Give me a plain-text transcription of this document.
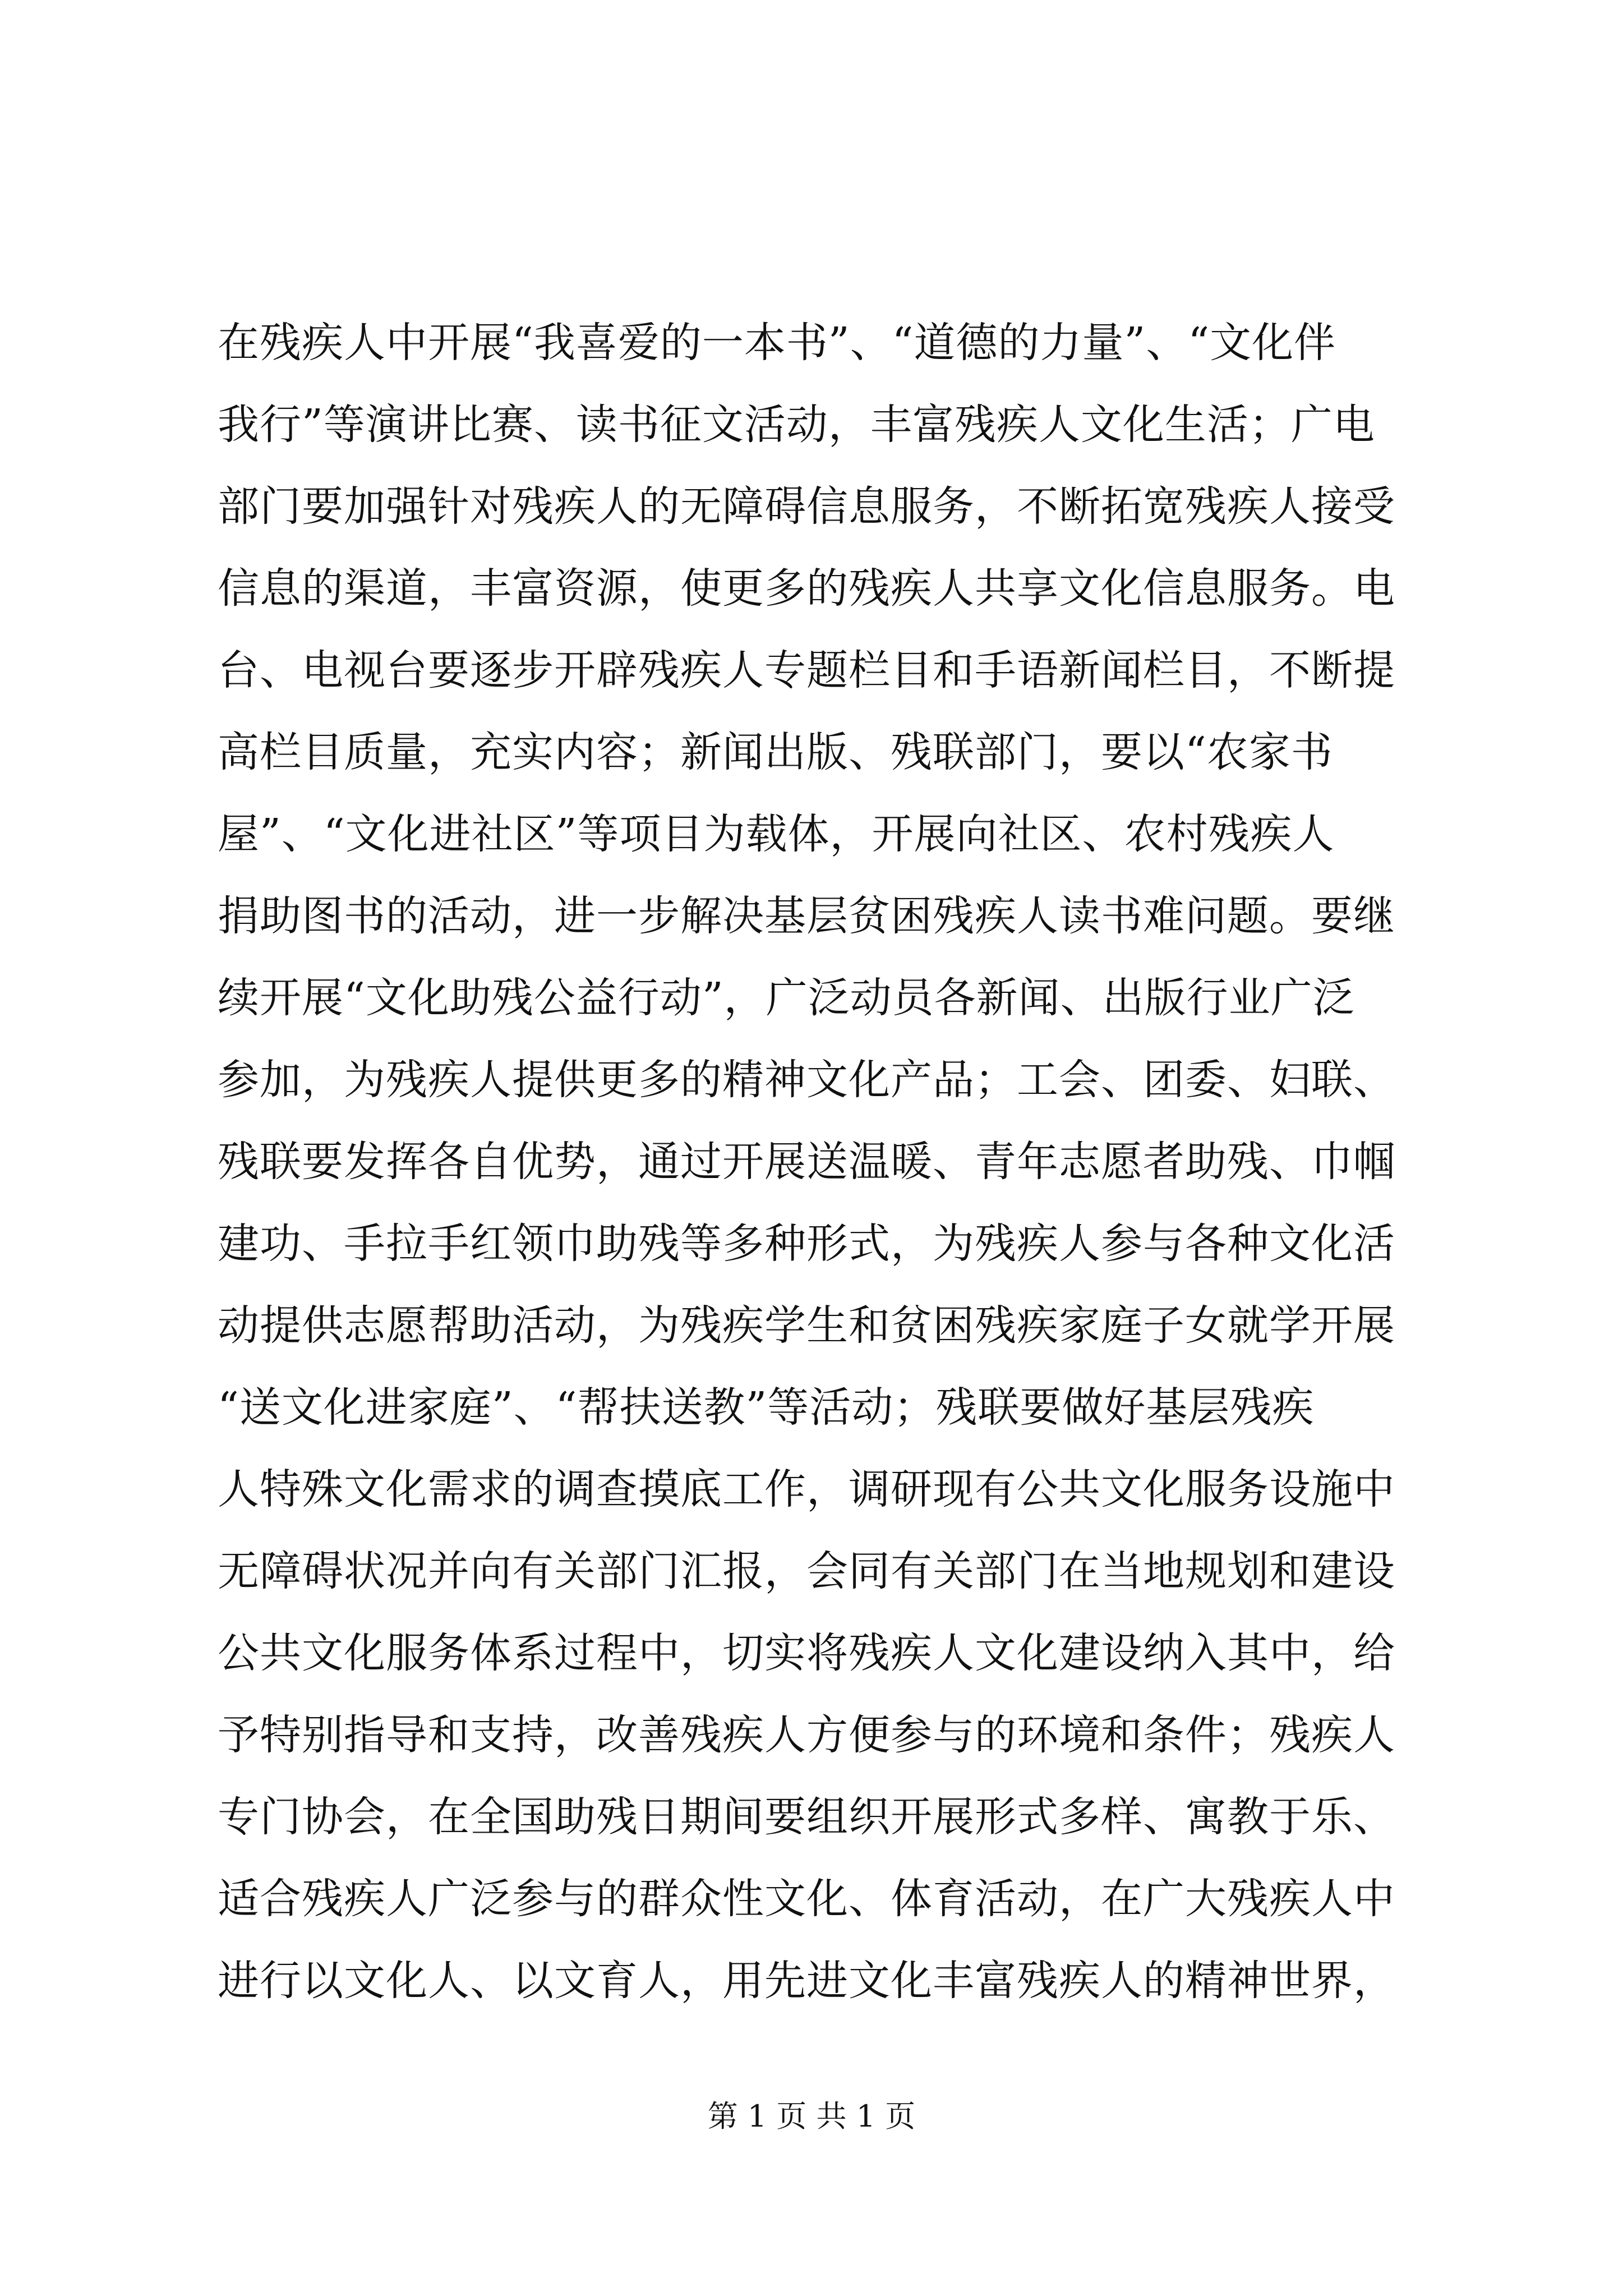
在残疾人中开展“我喜爱的一本书”、“道德的力量”、“文化伴
我行”等演讲比赛、读书征文活动，丰富残疾人文化生活；广电
部门要加强针对残疾人的无障碍信息服务，不断拓宽残疾人接受
信息的渠道，丰富资源，使更多的残疾人共享文化信息服务。电
台、电视台要逐步开辟残疾人专题栏目和手语新闻栏目，不断提
高栏目质量，充实内容；新闻出版、残联部门，要以“农家书
屋”、“文化进社区”等项目为载体，开展向社区、农村残疾人
捐助图书的活动，进一步解决基层贫困残疾人读书难问题。要继
续开展“文化助残公益行动”，广泛动员各新闻、出版行业广泛
参加，为残疾人提供更多的精神文化产品；工会、团委、妇联、
残联要发挥各自优势，通过开展送温暖、青年志愿者助残、巾帼
建功、手拉手红领巾助残等多种形式，为残疾人参与各种文化活
动提供志愿帮助活动，为残疾学生和贫困残疾家庭子女就学开展
“送文化进家庭”、“帮扶送教”等活动；残联要做好基层残疾
人特殊文化需求的调查摸底工作，调研现有公共文化服务设施中
无障碍状况并向有关部门汇报，会同有关部门在当地规划和建设
公共文化服务体系过程中，切实将残疾人文化建设纳入其中，给
予特别指导和支持，改善残疾人方便参与的环境和条件；残疾人
专门协会，在全国助残日期间要组织开展形式多样、寓教于乐、
适合残疾人广泛参与的群众性文化、体育活动，在广大残疾人中
进行以文化人、以文育人，用先进文化丰富残疾人的精神世界，
第 1 页 共 1 页
